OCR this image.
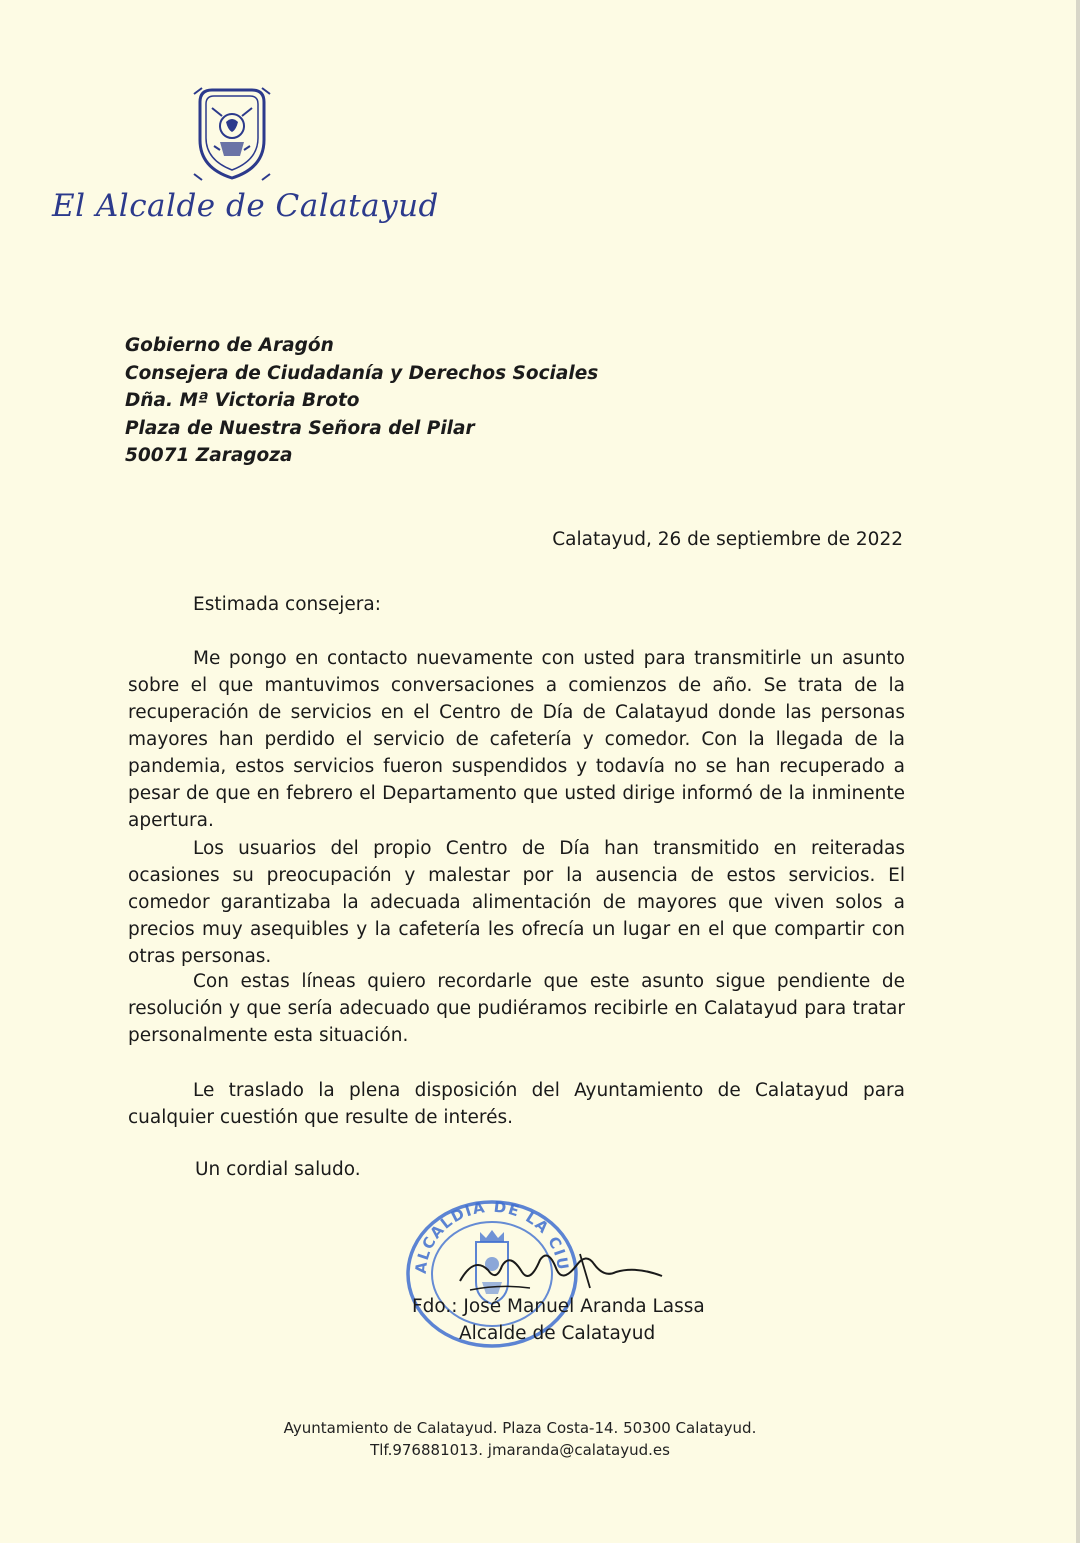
El Alcalde de Calatayud
Gobierno de Aragón
Consejera de Ciudadanía y Derechos Sociales
Dña. Mª Victoria Broto
Plaza de Nuestra Señora del Pilar
50071 Zaragoza
Calatayud, 26 de septiembre de 2022
Estimada consejera:
Me pongo en contacto nuevamente con usted para transmitirle un asunto sobre el que mantuvimos conversaciones a comienzos de año. Se trata de la recuperación de servicios en el Centro de Día de Calatayud donde las personas mayores han perdido el servicio de cafetería y comedor. Con la llegada de la pandemia, estos servicios fueron suspendidos y todavía no se han recuperado a pesar de que en febrero el Departamento que usted dirige informó de la inminente apertura.
Los usuarios del propio Centro de Día han transmitido en reiteradas ocasiones su preocupación y malestar por la ausencia de estos servicios. El comedor garantizaba la adecuada alimentación de mayores que viven solos a precios muy asequibles y la cafetería les ofrecía un lugar en el que compartir con otras personas.
Con estas líneas quiero recordarle que este asunto sigue pendiente de resolución y que sería adecuado que pudiéramos recibirle en Calatayud para tratar personalmente esta situación.
Le traslado la plena disposición del Ayuntamiento de Calatayud para cualquier cuestión que resulte de interés.
Un cordial saludo.
ALCALDIA DE LA CIU
Fdo.: José Manuel Aranda Lassa
Alcalde de Calatayud
Ayuntamiento de Calatayud. Plaza Costa-14. 50300 Calatayud.
Tlf.976881013. jmaranda@calatayud.es
